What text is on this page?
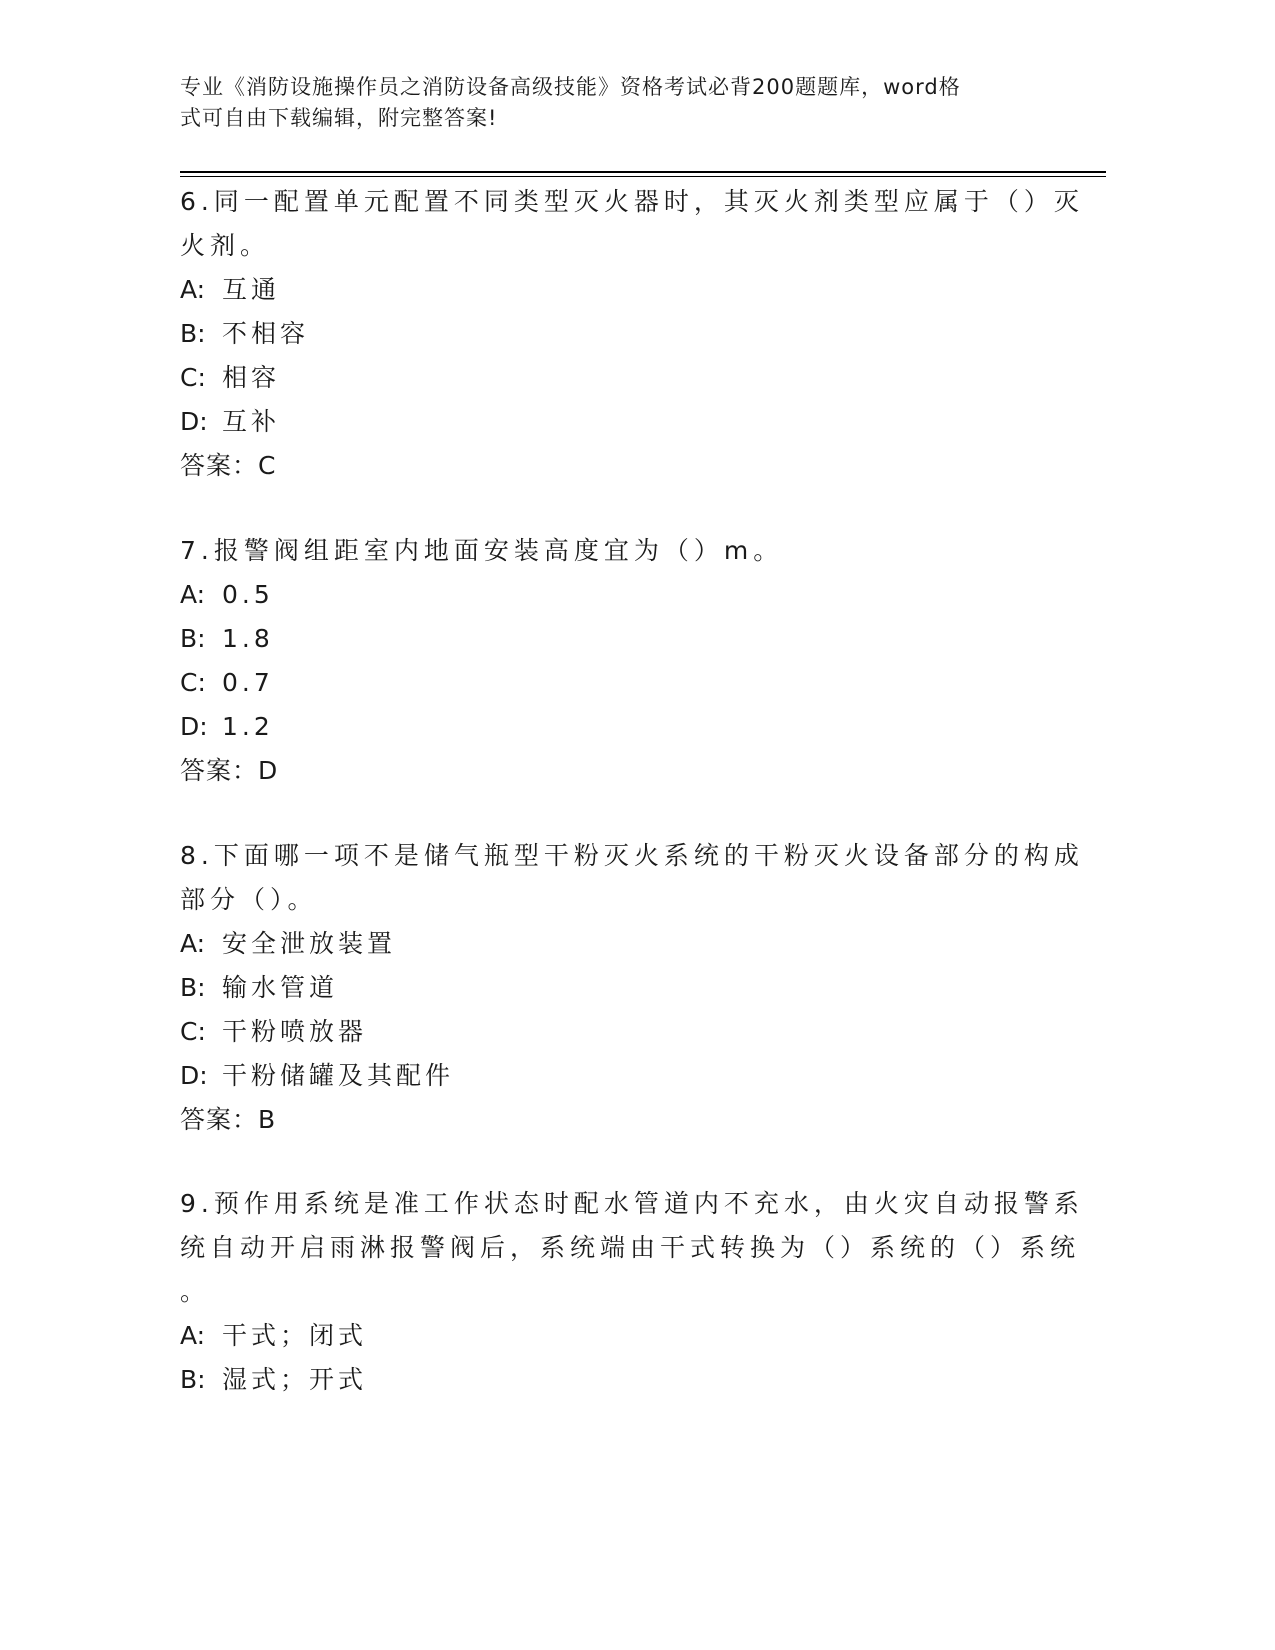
专业《消防设施操作员之消防设备高级技能》资格考试必背200题题库，word格
式可自由下载编辑，附完整答案!

6.同一配置单元配置不同类型灭火器时，其灭火剂类型应属于（）灭

火剂。

A: 互通

B: 不相容

C: 相容

D: 互补

答案：C

7.报警阀组距室内地面安装高度宜为（）m。

A: 0.5

B: 1.8

C: 0.7

D: 1.2

答案：D

8.下面哪一项不是储气瓶型干粉灭火系统的干粉灭火设备部分的构成

部分（）。

A: 安全泄放装置

B: 输水管道

C: 干粉喷放器

D: 干粉储罐及其配件

答案：B

9.预作用系统是准工作状态时配水管道内不充水，由火灾自动报警系

统自动开启雨淋报警阀后，系统端由干式转换为（）系统的（）系统

。

A: 干式；闭式

B: 湿式；开式
